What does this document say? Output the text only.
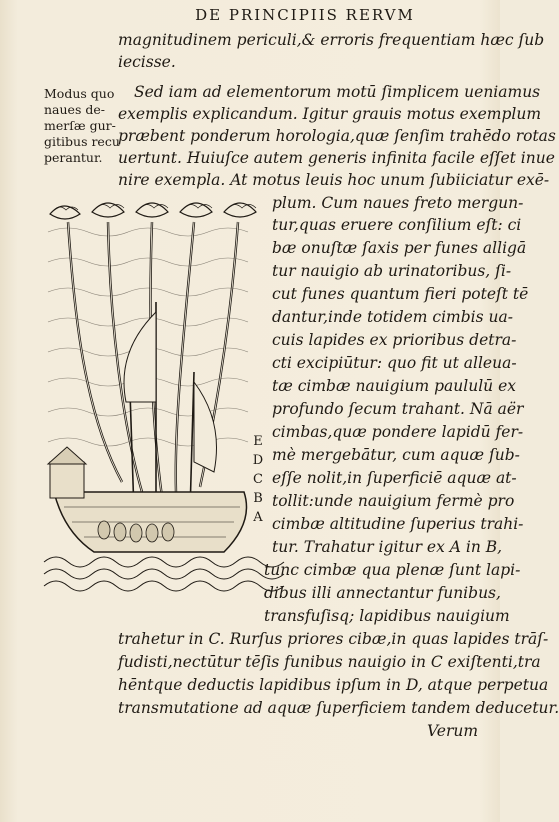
DE PRINCIPIIS RERVM
Modus quo
naues de-
merſæ gur-
gitibus recu
perantur.
magnitudinem periculi,& erroris frequentiam hæc ſub
iecisse.
Sed iam ad elementorum motū ſimplicem ueniamus
exemplis explicandum. Igitur grauis motus exemplum
præbent ponderum horologia,quæ ſenſim trahēdo rotas
uertunt. Huiuſce autem generis infinita facile eſſet inue
nire exempla. At motus leuis hoc unum ſubiiciatur exē-
plum. Cum naues freto mergun-
tur,quas eruere conſilium eſt: ci
bæ onuſtæ ſaxis per funes alligā
tur nauigio ab urinatoribus, ſi-
cut funes quantum fieri poteſt tē
dantur,inde totidem cimbis ua-
cuis lapides ex prioribus detra-
cti excipiūtur: quo fit ut alleua-
tæ cimbæ nauigium paululū ex
profundo ſecum trahant. Nā aër
cimbas,quæ pondere lapidū fer-
mè mergebātur, cum aquæ ſub-
eſſe nolit,in ſuperficiē aquæ at-
tollit:unde nauigium fermè pro
cimbæ altitudine ſuperius trahi-
tur. Trahatur igitur ex A in B,
tunc cimbæ qua plenæ ſunt lapi-
dibus illi annectantur funibus,
transfuſisq; lapidibus nauigium
trahetur in C. Rurſus priores cibæ,in quas lapides trāſ-
fudisti,nectūtur tēſis funibus nauigio in C exiſtenti,tra
hēntque deductis lapidibus ipſum in D, atque perpetua
transmutatione ad aquæ ſuperficiem tandem deducetur.
Verum
E
D
C
B
A
